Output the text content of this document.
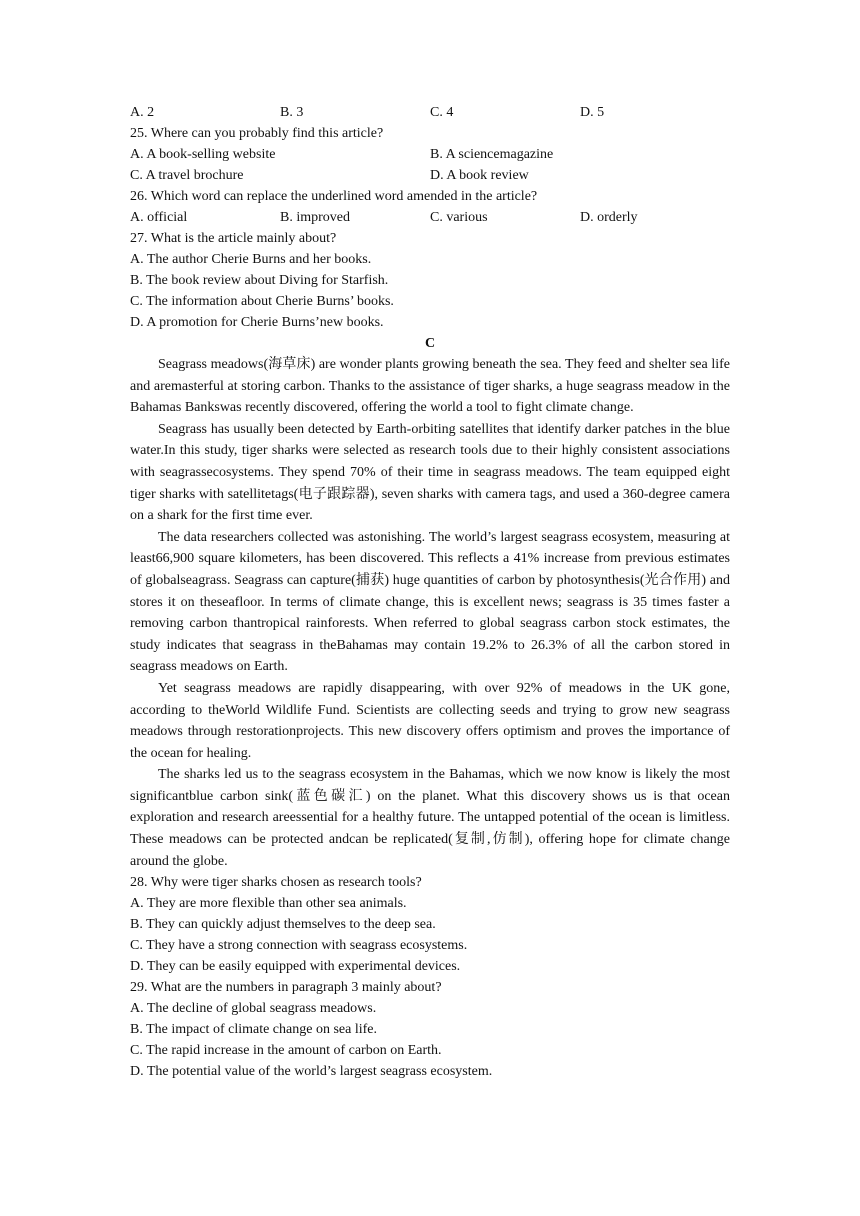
A. 2	B. 3	C. 4	D. 5
25. Where can you probably find this article?
A. A book-selling website	B. A sciencemagazine
C. A travel brochure	D. A book review
26. Which word can replace the underlined word amended in the article?
A. official	B. improved	C. various	D. orderly
27. What is the article mainly about?
A. The author Cherie Burns and her books.
B. The book review about Diving for Starfish.
C. The information about Cherie Burns’ books.
D. A promotion for Cherie Burns’new books.
C

Seagrass meadows(海草床) are wonder plants growing beneath the sea. They feed and shelter sea life and aremasterful at storing carbon. Thanks to the assistance of tiger sharks, a huge seagrass meadow in the Bahamas Bankswas recently discovered, offering the world a tool to fight climate change.

Seagrass has usually been detected by Earth-orbiting satellites that identify darker patches in the blue water.In this study, tiger sharks were selected as research tools due to their highly consistent associations with seagrassecosystems. They spend 70% of their time in seagrass meadows. The team equipped eight tiger sharks with satellitetags(电子跟踪器), seven sharks with camera tags, and used a 360-degree camera on a shark for the first time ever.

The data researchers collected was astonishing. The world’s largest seagrass ecosystem, measuring at least66,900 square kilometers, has been discovered. This reflects a 41% increase from previous estimates of globalseagrass. Seagrass can capture(捕获) huge quantities of carbon by photosynthesis(光合作用) and stores it on theseafloor. In terms of climate change, this is excellent news; seagrass is 35 times faster a removing carbon thantropical rainforests. When referred to global seagrass carbon stock estimates, the study indicates that seagrass in theBahamas may contain 19.2% to 26.3% of all the carbon stored in seagrass meadows on Earth.

Yet seagrass meadows are rapidly disappearing, with over 92% of meadows in the UK gone, according to theWorld Wildlife Fund. Scientists are collecting seeds and trying to grow new seagrass meadows through restorationprojects. This new discovery offers optimism and proves the importance of the ocean for healing.

The sharks led us to the seagrass ecosystem in the Bahamas, which we now know is likely the most significantblue carbon sink(蓝色碳汇) on the planet. What this discovery shows us is that ocean exploration and research areessential for a healthy future. The untapped potential of the ocean is limitless. These meadows can be protected andcan be replicated(复制,仿制), offering hope for climate change around the globe.

28. Why were tiger sharks chosen as research tools?
A. They are more flexible than other sea animals.
B. They can quickly adjust themselves to the deep sea.
C. They have a strong connection with seagrass ecosystems.
D. They can be easily equipped with experimental devices.
29. What are the numbers in paragraph 3 mainly about?
A. The decline of global seagrass meadows.
B. The impact of climate change on sea life.
C. The rapid increase in the amount of carbon on Earth.
D. The potential value of the world’s largest seagrass ecosystem.
